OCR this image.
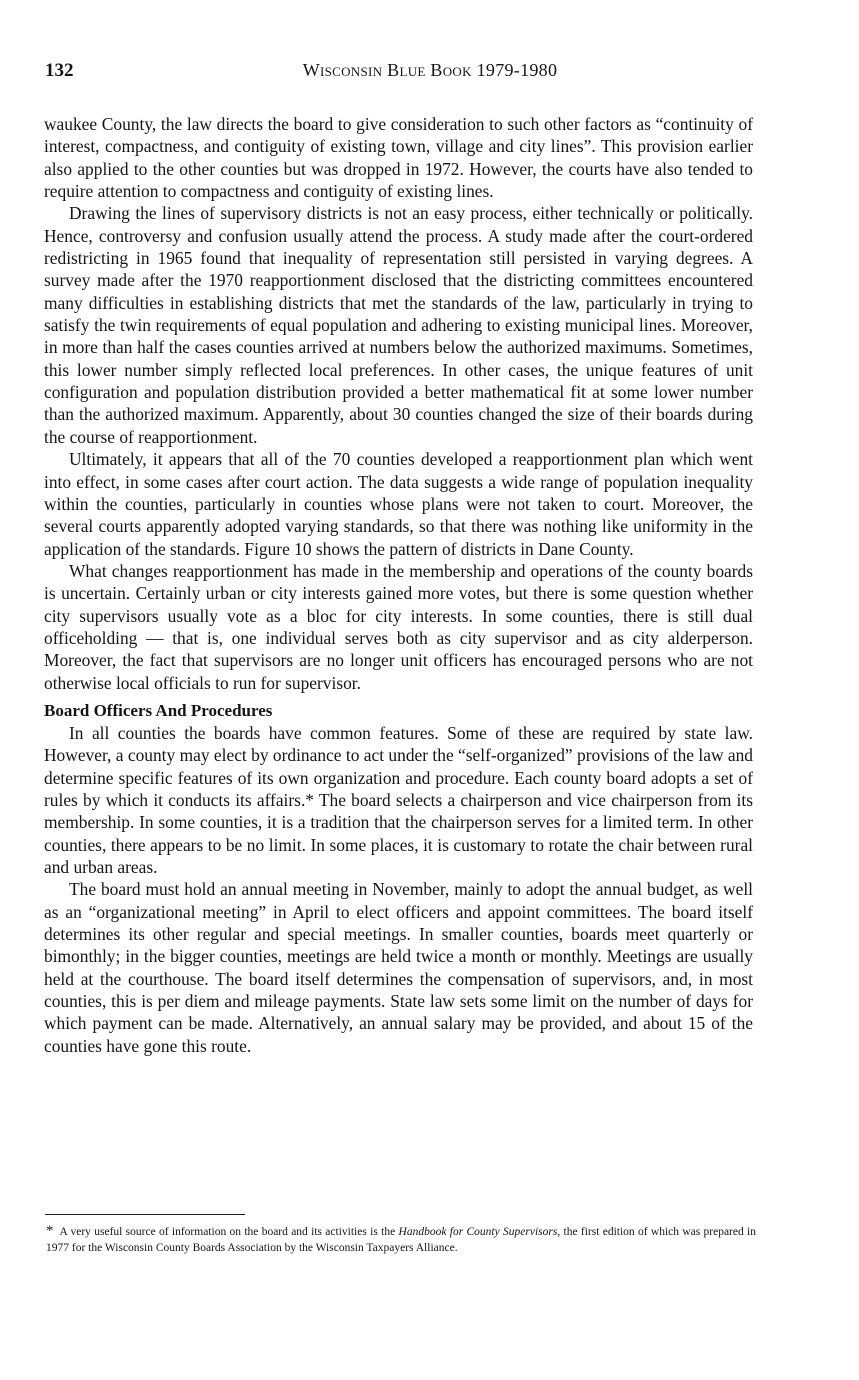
132	Wisconsin Blue Book 1979-1980

waukee County, the law directs the board to give consideration to such other factors as “continuity of interest, compactness, and contiguity of existing town, village and city lines”. This provision earlier also applied to the other counties but was dropped in 1972. However, the courts have also tended to require attention to compactness and contiguity of existing lines.

Drawing the lines of supervisory districts is not an easy process, either technically or politically. Hence, controversy and confusion usually attend the process. A study made after the court-ordered redistricting in 1965 found that inequality of representation still persisted in varying degrees. A survey made after the 1970 reapportionment disclosed that the districting committees encountered many difficulties in establishing districts that met the standards of the law, particularly in trying to satisfy the twin requirements of equal population and adhering to existing municipal lines. Moreover, in more than half the cases counties arrived at numbers below the authorized maximums. Sometimes, this lower number simply reflected local preferences. In other cases, the unique features of unit configuration and population distribution provided a better mathematical fit at some lower number than the authorized maximum. Apparently, about 30 counties changed the size of their boards during the course of reapportionment.

Ultimately, it appears that all of the 70 counties developed a reapportionment plan which went into effect, in some cases after court action. The data suggests a wide range of population inequality within the counties, particularly in counties whose plans were not taken to court. Moreover, the several courts apparently adopted varying standards, so that there was nothing like uniformity in the application of the standards. Figure 10 shows the pattern of districts in Dane County.

What changes reapportionment has made in the membership and operations of the county boards is uncertain. Certainly urban or city interests gained more votes, but there is some question whether city supervisors usually vote as a bloc for city interests. In some counties, there is still dual officeholding — that is, one individual serves both as city supervisor and as city alderperson. Moreover, the fact that supervisors are no longer unit officers has encouraged persons who are not otherwise local officials to run for supervisor.

Board Officers And Procedures

In all counties the boards have common features. Some of these are required by state law. However, a county may elect by ordinance to act under the “self-organized” provisions of the law and determine specific features of its own organization and procedure. Each county board adopts a set of rules by which it conducts its affairs.* The board selects a chairperson and vice chairperson from its membership. In some counties, it is a tradition that the chairperson serves for a limited term. In other counties, there appears to be no limit. In some places, it is customary to rotate the chair between rural and urban areas.

The board must hold an annual meeting in November, mainly to adopt the annual budget, as well as an “organizational meeting” in April to elect officers and appoint committees. The board itself determines its other regular and special meetings. In smaller counties, boards meet quarterly or bimonthly; in the bigger counties, meetings are held twice a month or monthly. Meetings are usually held at the courthouse. The board itself determines the compensation of supervisors, and, in most counties, this is per diem and mileage payments. State law sets some limit on the number of days for which payment can be made. Alternatively, an annual salary may be provided, and about 15 of the counties have gone this route.

* A very useful source of information on the board and its activities is the Handbook for County Supervisors, the first edition of which was prepared in 1977 for the Wisconsin County Boards Association by the Wisconsin Taxpayers Alliance.
